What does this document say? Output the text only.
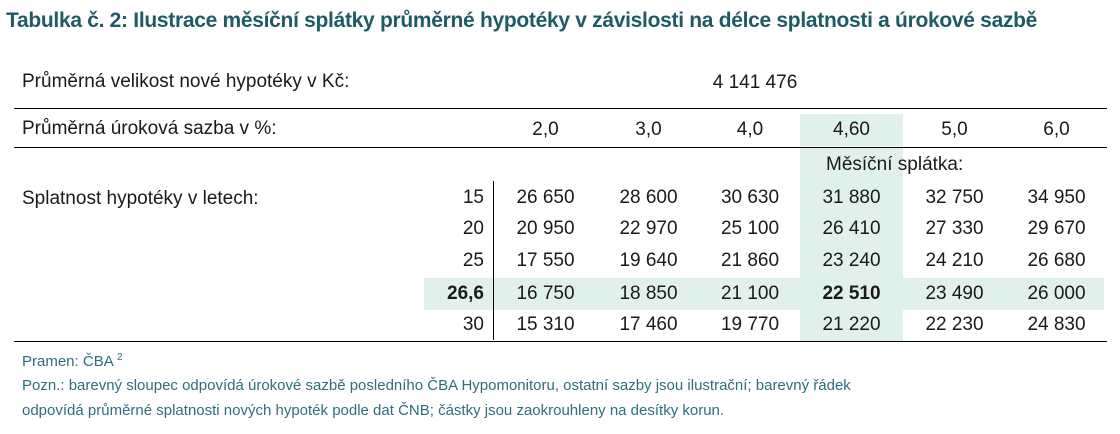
Tabulka č. 2: Ilustrace měsíční splátky průměrné hypotéky v závislosti na délce splatnosti a úrokové sazbě
Průměrná velikost nové hypotéky v Kč:	4 141 476
Průměrná úroková sazba v %:	2,0	3,0	4,0	4,60	5,0	6,0
Měsíční splátka:
Splatnost hypotéky v letech:	15	26 650	28 600	30 630	31 880	32 750	34 950
20	20 950	22 970	25 100	26 410	27 330	29 670
25	17 550	19 640	21 860	23 240	24 210	26 680
26,6	16 750	18 850	21 100	22 510	23 490	26 000
30	15 310	17 460	19 770	21 220	22 230	24 830
Pramen: ČBA $^2$
Pozn.: barevný sloupec odpovídá úrokové sazbě posledního ČBA Hypomonitoru, ostatní sazby jsou ilustrační; barevný řádek
odpovídá průměrné splatnosti nových hypoték podle dat ČNB; částky jsou zaokrouhleny na desítky korun.
